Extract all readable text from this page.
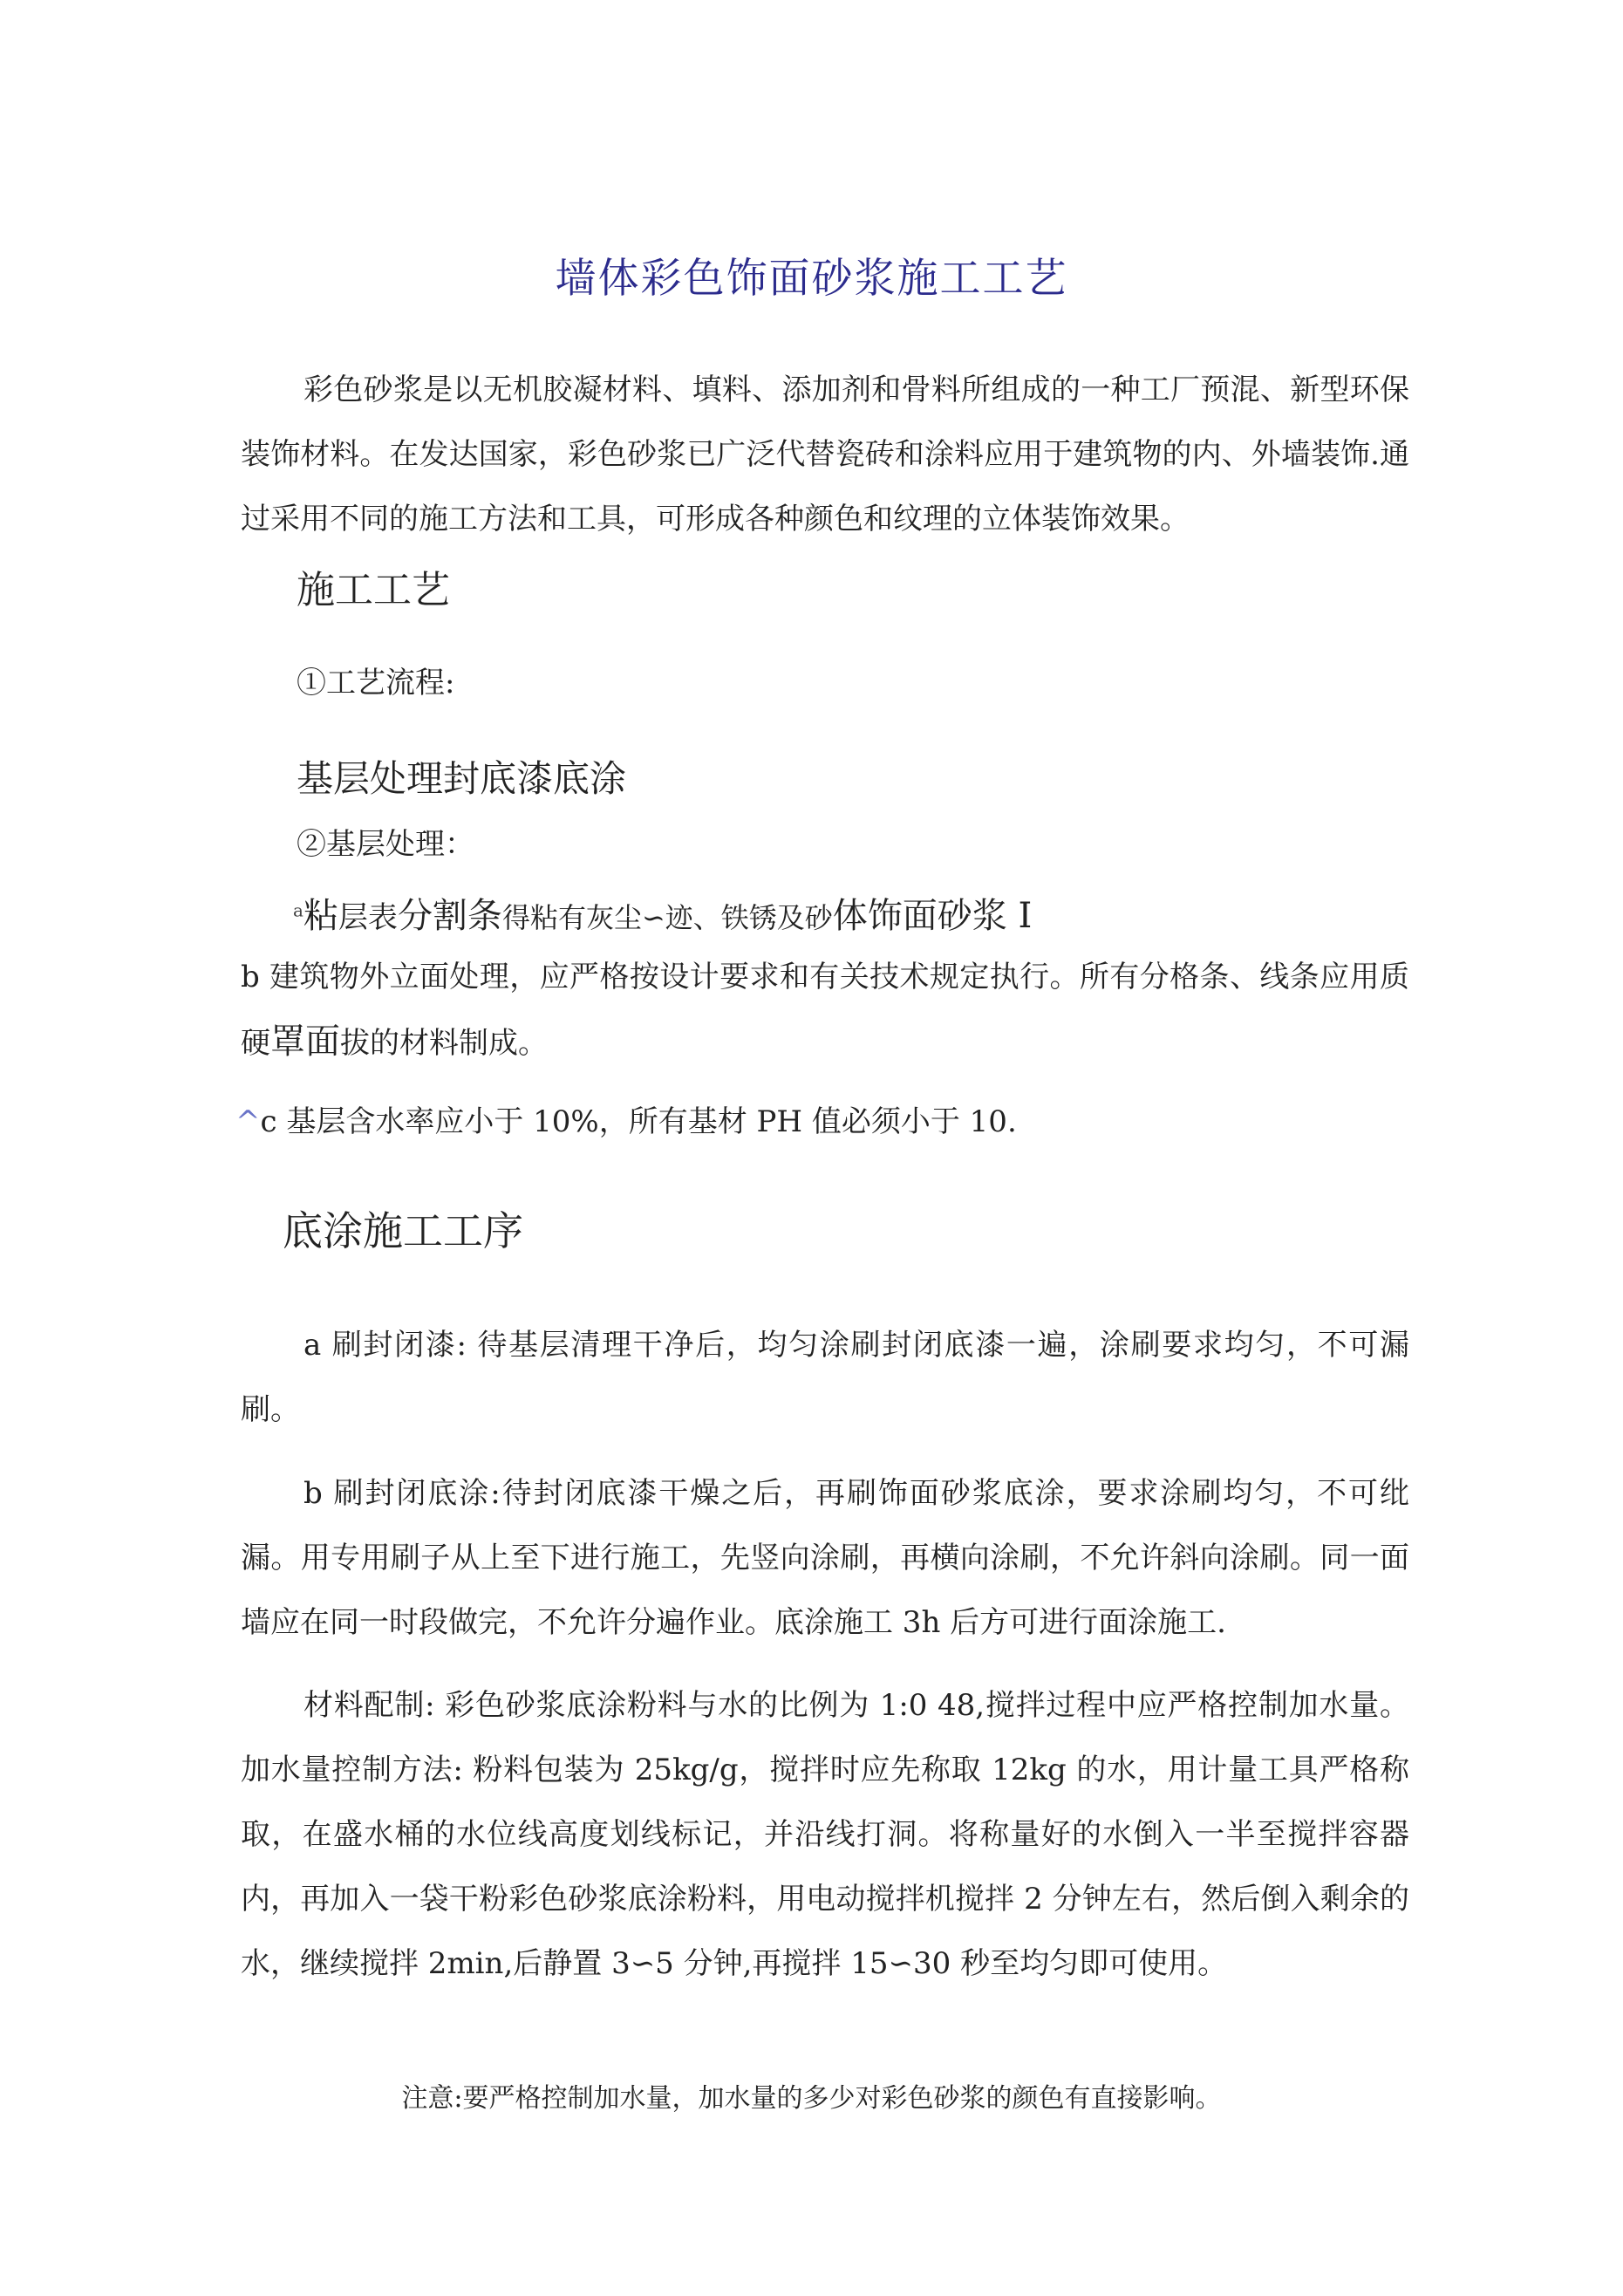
墙体彩色饰面砂浆施工工艺
彩色砂浆是以无机胶凝材料、填料、添加剂和骨料所组成的一种工厂预混、新型环保装饰材料。在发达国家，彩色砂浆已广泛代替瓷砖和涂料应用于建筑物的内、外墙装饰.通过采用不同的施工方法和工具，可形成各种颜色和纹理的立体装饰效果。
施工工艺
①工艺流程:
基层处理封底漆底涂
②基层处理：
$^a$粘层表分割条得粘有灰尘∽迹、铁锈及砂体饰面砂浆 I
b 建筑物外立面处理，应严格按设计要求和有关技术规定执行。所有分格条、线条应用质硬罩面拔的材料制成。
^c 基层含水率应小于 10%，所有基材 PH 值必须小于 10.
底涂施工工序
a 刷封闭漆: 待基层清理干净后，均匀涂刷封闭底漆一遍，涂刷要求均匀，不可漏刷。
b 刷封闭底涂:待封闭底漆干燥之后，再刷饰面砂浆底涂，要求涂刷均匀，不可纰漏。用专用刷子从上至下进行施工，先竖向涂刷，再横向涂刷，不允许斜向涂刷。同一面墙应在同一时段做完，不允许分遍作业。底涂施工 3h 后方可进行面涂施工.
材料配制: 彩色砂浆底涂粉料与水的比例为 1:0 48,搅拌过程中应严格控制加水量。加水量控制方法: 粉料包装为 25kg/g，搅拌时应先称取 12kg 的水，用计量工具严格称取，在盛水桶的水位线高度划线标记，并沿线打洞。将称量好的水倒入一半至搅拌容器内，再加入一袋干粉彩色砂浆底涂粉料，用电动搅拌机搅拌 2 分钟左右，然后倒入剩余的水，继续搅拌 2min,后静置 3∽5 分钟,再搅拌 15∽30 秒至均匀即可使用。
注意:要严格控制加水量，加水量的多少对彩色砂浆的颜色有直接影响。
